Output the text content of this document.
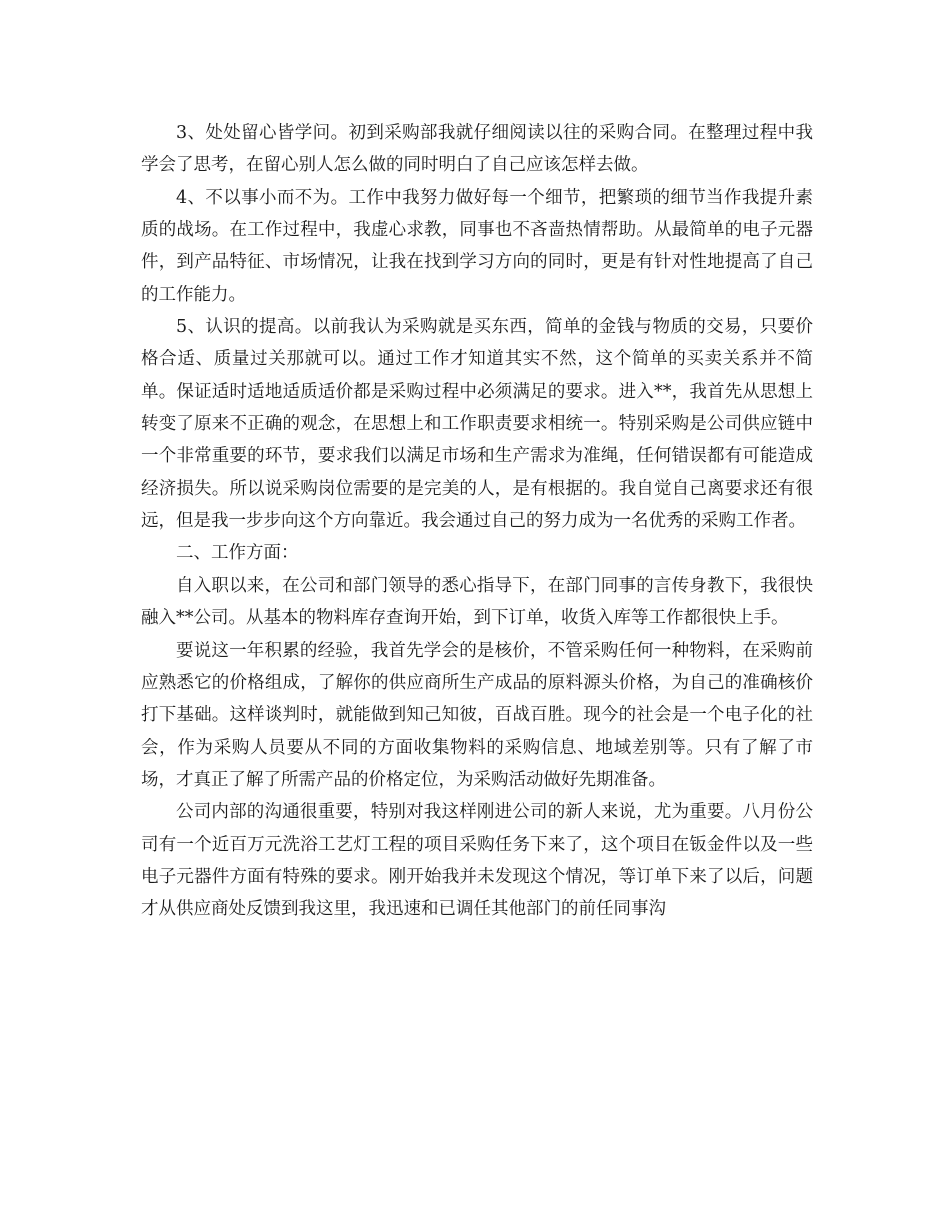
3、处处留心皆学问。初到采购部我就仔细阅读以往的采购合同。在整理过程中我学会了思考，在留心别人怎么做的同时明白了自己应该怎样去做。

4、不以事小而不为。工作中我努力做好每一个细节，把繁琐的细节当作我提升素质的战场。在工作过程中，我虚心求教，同事也不吝啬热情帮助。从最简单的电子元器件，到产品特征、市场情况，让我在找到学习方向的同时，更是有针对性地提高了自己的工作能力。

5、认识的提高。以前我认为采购就是买东西，简单的金钱与物质的交易，只要价格合适、质量过关那就可以。通过工作才知道其实不然，这个简单的买卖关系并不简单。保证适时适地适质适价都是采购过程中必须满足的要求。进入**，我首先从思想上转变了原来不正确的观念，在思想上和工作职责要求相统一。特别采购是公司供应链中一个非常重要的环节，要求我们以满足市场和生产需求为准绳，任何错误都有可能造成经济损失。所以说采购岗位需要的是完美的人，是有根据的。我自觉自己离要求还有很远，但是我一步步向这个方向靠近。我会通过自己的努力成为一名优秀的采购工作者。

二、工作方面：

自入职以来，在公司和部门领导的悉心指导下，在部门同事的言传身教下，我很快融入**公司。从基本的物料库存查询开始，到下订单，收货入库等工作都很快上手。

要说这一年积累的经验，我首先学会的是核价，不管采购任何一种物料，在采购前应熟悉它的价格组成，了解你的供应商所生产成品的原料源头价格，为自己的准确核价打下基础。这样谈判时，就能做到知己知彼，百战百胜。现今的社会是一个电子化的社会，作为采购人员要从不同的方面收集物料的采购信息、地域差别等。只有了解了市场，才真正了解了所需产品的价格定位，为采购活动做好先期准备。

公司内部的沟通很重要，特别对我这样刚进公司的新人来说，尤为重要。八月份公司有一个近百万元洗浴工艺灯工程的项目采购任务下来了，这个项目在钣金件以及一些电子元器件方面有特殊的要求。刚开始我并未发现这个情况，等订单下来了以后，问题才从供应商处反馈到我这里，我迅速和已调任其他部门的前任同事沟
